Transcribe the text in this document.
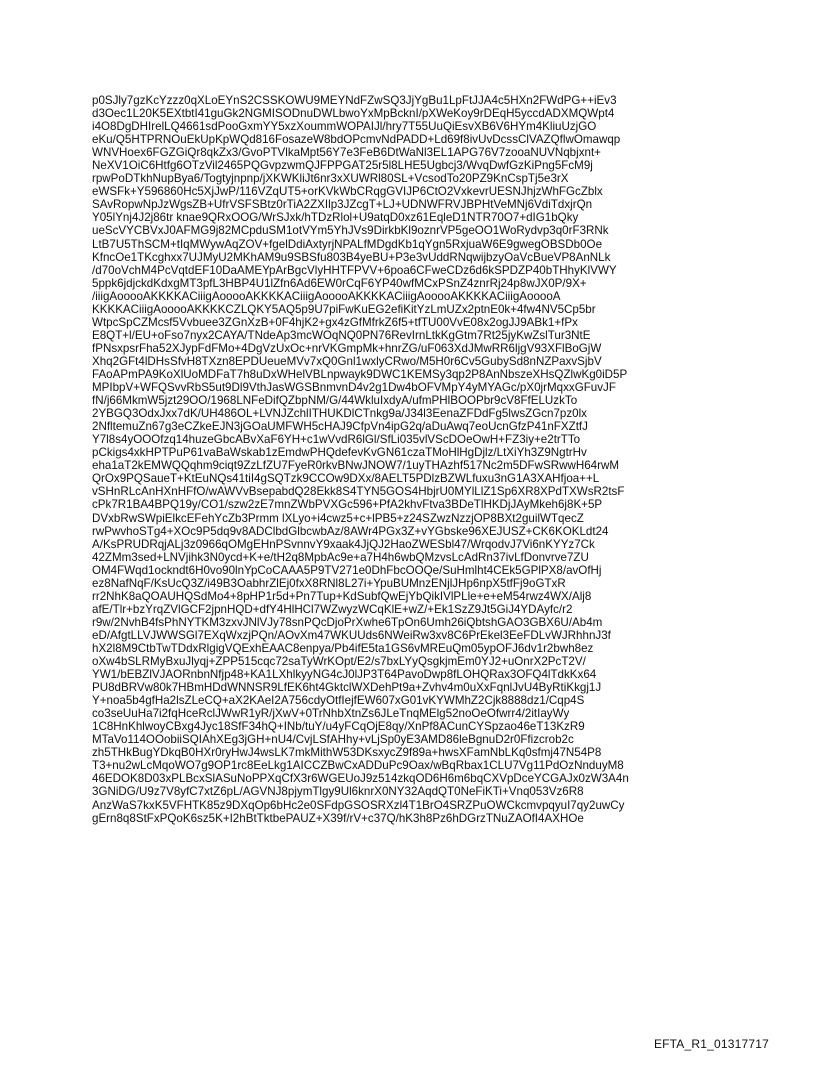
p0SJly7gzKcYzzz0qXLoEYnS2CSSKOWU9MEYNdFZwSQ3JjYgBu1LpFtJJA4c5HXn2FWdPG++iEv3
d3Oec1L20K5EXtbtI41guGk2NGMISODnuDWLbwoYxMpBcknI/pXWeKoy9rDEqH5yccdADXMQWpt4
i4O8DgDHIrelLQ4661sdPooGxmYY5xzXoummWOPAIJl/hry7T55UuQiEsvXB6V6HYm4KliuUzjGO
eKu/Q5HTPRNOuEkUpKpWQd816FosazeW8bdOPcmvNdPADD+Ld69f8ivUvDcssClVAZQflwOmawqp
WNVHoex6FGZGiQr8qkZx3/GvoPTVlkaMpt56Y7e3FeB6DtWaNl3EL1APG76V7zooaNUVNqbjxnt+
NeXV1OiC6Htfg6OTzVil2465PQGvpzwmQJFPPGAT25r5l8LHE5Ugbcj3/WvqDwfGzKiPng5FcM9j
rpwPoDTkhNupBya6/Togtyjnpnp/jXKWKliJt6nr3xXUWRl80SL+VcsodTo20PZ9KnCspTj5e3rX
eWSFk+Y596860Hc5XjJwP/116VZqUT5+orKVkWbCRqgGVIJP6CtO2VxkevrUESNJhjzWhFGcZblx
SAvRopwNpJzWgsZB+UfrVSFSBtz0rTiA2ZXIlp3JZcgT+LJ+UDNWFRVJBPHtVeMNj6VdiTdxjrQn
Y05lYnj4J2j86tr knae9QRxOOG/WrSJxk/hTDzRlol+U9atqD0xz61EqleD1NTR70O7+dIG1bQky
ueScVYCBVxJ0AFMG9j82MCpduSM1otVYm5YhJVs9DirkbKl9oznrVP5geOO1WoRydvp3q0rF3RNk
LtB7U5ThSCM+tIqMWywAqZOV+fgelDdiAxtyrjNPALfMDgdKb1qYgn5RxjuaW6E9gwegOBSDb0Oe
KfncOe1TKcghxx7UJMyU2MKhAM9u9SBSfu803B4yeBU+P3e3vUddRNqwijbzyOaVcBueVP8AnNLk
/d70oVchM4PcVqtdEF10DaAMEYpArBgcVlyHHTFPVV+6poa6CFweCDz6d6kSPDZP40bTHhyKlVWY
5ppk6jdjckdKdxgMT3pfL3HBP4U1lZfn6Ad6EW0rCqF6YP40wfMCxPSnZ4znrRj24p8wJX0P/9X+
/iiigAooooAKKKKACiiigAooooAKKKKACiiigAooooAKKKKACiiigAooooAKKKKACiiigAooooA
KKKKACiiigAooooAKKKKCZLQKY5AQ5p9U7piFwKuEG2efiKitYzLmUZx2ptnE0k+4fw4NV5Cp5br
WtpcSpCZMcsf5Vvbuee3ZGnXzB+0F4hjK2+gx4zGfMfrkZ6f5+tfTU00VvE08x2ogJJ9ABk1+fPx
E8QT+l/EU+oFso7nyx2CAYA/TNdeAp3mcWOqNQ0PN76RevIrnLtkKgGtm7Rt25jyKwZslTur3NtE
fPNsxpsrFha52XJypFdFMo+4DgVzUxOc+nrVKGmpMk+hnrZG/uF063XdJMwRR6ljgV93XFlBoGjW
Xhq2GFt4lDHsSfvH8TXzn8EPDUeueMVv7xQ0Gnl1wxlyCRwo/M5H0r6Cv5GubySd8nNZPaxvSjbV
FAoAPmPA9KoXlUoMDFaT7h8uDxWHelVBLnpwayk9DWC1KEMSy3qp2P8AnNbszeXHsQZlwKg0iD5P
MPIbpV+WFQSvvRbS5ut9Dl9VthJasWGSBnmvnD4v2g1Dw4bOFVMpY4yMYAGc/pX0jrMqxxGFuvJF
fN/j66MkmW5jzt29OO/1968LNFeDifQZbpNM/G/44WkluIxdyA/ufmPHlBOOPbr9cV8FfELUzkTo
2YBGQ3OdxJxx7dK/UH486OL+LVNJZchlITHUKDlCTnkg9a/J34l3EenaZFDdFg5lwsZGcn7pz0lx
2NfltemuZn67g3eCZkeEJN3jGOaUMFWH5cHAJ9CfpVn4ipG2q/aDuAwq7eoUcnGfzP41nFXZtfJ
Y7l8s4yOOOfzq14huzeGbcABvXaF6YH+c1wVvdR6lGl/SfLi035vlVScDOeOwH+FZ3iy+e2trTTo
pCkigs4xkHPTPuP61vaBaWskab1zEmdwPHQdefevKvGN61czaTMoHlHgDjlz/LtXiYh3Z9NgtrHv
eha1aT2kEMWQQqhm9ciqt9ZzLfZU7FyeR0rkvBNwJNOW7/1uyTHAzhf517Nc2m5DFwSRwwH64rwM
QrOx9PQSaueT+KtEuNQs41tiI4gSQTzk9CCOw9DXx/8AELT5PDlzBZWLfuxu3nG1A3XAHfjoa++L
vSHnRLcAnHXnHFfO/wAWVvBsepabdQ28Ekk8S4TYN5GOS4HbjrU0MYlLlZ1Sp6XR8XPdTXWsR2tsF
cPk7R1BA4BPQ19y/CO1/szw2zE7mnZWbPVXGc596+PfA2khvFtva3BDeTlHKDjJAyMkeh6j8K+5P
DVxbRwSWpiElkcEFehYcZb3Prmm lXLyo+i4cwz5+c+lPB5+z24SZwzNzzjOP8BXt2guilWTqecZ
rwPwvhoSTg4+XOc9P5dq9v8ADClbdGlbcwbAz/8AWr4PGx3Z+vYGbske96XEJUSZ+CK6KOKLdt24
A/KsPRUDRqjALj3z0966qOMgEHnPSvnnvY9xaak4JjQJ2HaoZWESbl47/WrqodvJ7Vi6nKYYz7Ck
42ZMm3sed+LNVjihk3N0ycd+K+e/tH2q8MpbAc9e+a7H4h6wbQMzvsLcAdRn37ivLfDonvrve7ZU
OM4FWqd1ockndt6H0vo90lnYpCoCAAA5P9TV271e0DhFbcOOQe/SuHmlht4CEk5GPlPX8/avOfHj
ez8NafNqF/KsUcQ3Z/i49B3OabhrZlEj0fxX8RNl8L27i+YpuBUMnzENjlJHp6npX5tfFj9oGTxR
rr2NhK8aQOAUHQSdMo4+8pHP1r5d+Pn7Tup+KdSubfQwEjYbQikIVlPLle+e+eM54rwz4WX/Alj8
afE/Tlr+bzYrqZVlGCF2jpnHQD+dfY4HlHCl7WZwyzWCqKlE+wZ/+Ek1SzZ9Jt5GiJ4YDAyfc/r2
r9w/2NvhB4fsPhNYTKM3zxvJNlVJy78snPQcDjoPrXwhe6TpOn6Umh26iQbtshGAO3GBX6U/Ab4m
eD/AfgtLLVJWWSGl7EXqWxzjPQn/AOvXm47WKUUds6NWeiRw3xv8C6PrEkel3EeFDLvWJRhhnJ3f
hX2l8M9CtbTwTDdxRlgigVQExhEAAC8enpya/Pb4ifE5ta1GS6vMREuQm05ypOFJ6dv1r2bwh8ez
oXw4bSLRMyBxuJlyqj+ZPP515cqc72saTyWrKOpt/E2/s7bxLYyQsgkjmEm0YJ2+uOnrX2PcT2V/
YW1/bEBZlVJAORnbnNfjp48+KA1LXhlkyyNG4cJ0lJP3T64PavoDwp8fLOHQRax3OFQ4lTdkKx64
PU8dBRVw80k7HBmHDdWNNSR9LfEK6ht4GktclWXDehPt9a+Zvhv4m0uXxFqnlJvU4ByRtiKkgj1J
Y+noa5b4gfHa2lsZLeCQ+aX2KAeI2A756cdyOtfIejfEW607xG01vKYWMhZ2Cjk8888dz1/Cqp4S
co3seUuHa7i2fqHceRclJWwR1yR/jXwV+0TrNhbXtnZs6JLeTnqMElg52noOeOfwrr4/2itIayWy
1C8HnKhlwoyCBxg4Jyc18SfF34hQ+INb/tuY/u4yFCqOjE8qy/XnPf8ACunCYSpzao46eT13KzR9
MTaVo114OOobiiSQIAhXEg3jGH+nU4/CvjLSfAHhy+vLjSp0yE3AMD86leBgnuD2r0Ffizcrob2c
zh5THkBugYDkqB0HXr0ryHwJ4wsLK7mkMithW53DKsxycZ9f89a+hwsXFamNbLKq0sfmj47N54P8
T3+nu2wLcMqoWO7g9OP1rc8EeLkg1AICCZBwCxADDuPc9Oax/wBqRbax1CLU7Vg11PdOzNnduyM8
46EDOK8D03xPLBcxSlASuNoPPXqCfX3r6WGEUoJ9z514zkqOD6H6m6bqCXVpDceYCGAJx0zW3A4n
3GNiDG/U9z7V8yfC7xtZ6pL/AGVNJ8pjymTlgy9Ul6knrX0NY32AqdQT0NeFiKTi+Vnq053Vz6R8
AnzWaS7kxK5VFHTK85z9DXqOp6bHc2e0SFdpGSOSRXzl4T1BrO4SRZPuOWCkcmvpqyuI7qy2uwCy
gErn8q8StFxPQoK6sz5K+I2hBtTktbePAUZ+X39f/rV+c37Q/hK3h8Pz6hDGrzTNuZAOfI4AXHOe
EFTA_R1_01317717
